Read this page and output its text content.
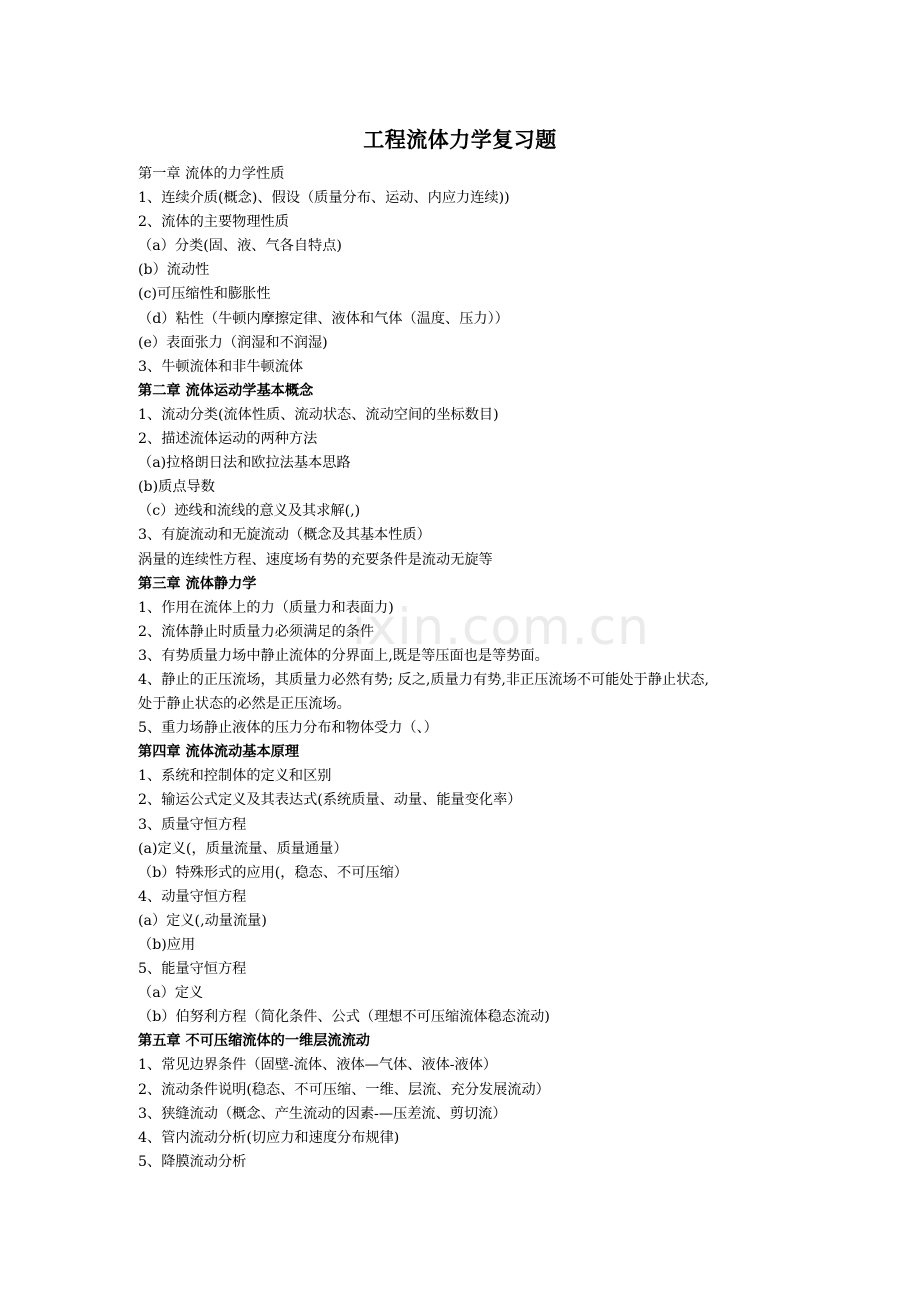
ixin.com.cn
工程流体力学复习题
第一章 流体的力学性质
1、连续介质(概念)、假设（质量分布、运动、内应力连续))
2、流体的主要物理性质
（a）分类(固、液、气各自特点)
(b）流动性
(c)可压缩性和膨胀性
（d）粘性（牛顿内摩擦定律、液体和气体（温度、压力））
(e）表面张力（润湿和不润湿)
3、牛顿流体和非牛顿流体
第二章 流体运动学基本概念
1、流动分类(流体性质、流动状态、流动空间的坐标数目)
2、描述流体运动的两种方法
（a)拉格朗日法和欧拉法基本思路
(b)质点导数
（c）迹线和流线的意义及其求解(,)
3、有旋流动和无旋流动（概念及其基本性质）
涡量的连续性方程、速度场有势的充要条件是流动无旋等
第三章 流体静力学
1、作用在流体上的力（质量力和表面力)
2、流体静止时质量力必须满足的条件
3、有势质量力场中静止流体的分界面上,既是等压面也是等势面。
4、静止的正压流场，其质量力必然有势; 反之,质量力有势,非正压流场不可能处于静止状态,
处于静止状态的必然是正压流场。
5、重力场静止液体的压力分布和物体受力（、）
第四章 流体流动基本原理
1、系统和控制体的定义和区别
2、输运公式定义及其表达式(系统质量、动量、能量变化率）
3、质量守恒方程
(a)定义(，质量流量、质量通量）
（b）特殊形式的应用(，稳态、不可压缩）
4、动量守恒方程
(a）定义(,动量流量)
（b)应用
5、能量守恒方程
（a）定义
（b）伯努利方程（简化条件、公式（理想不可压缩流体稳态流动)
第五章 不可压缩流体的一维层流流动
1、常见边界条件（固壁-流体、液体—气体、液体-液体）
2、流动条件说明(稳态、不可压缩、一维、层流、充分发展流动）
3、狭缝流动（概念、产生流动的因素-—压差流、剪切流）
4、管内流动分析(切应力和速度分布规律)
5、降膜流动分析
